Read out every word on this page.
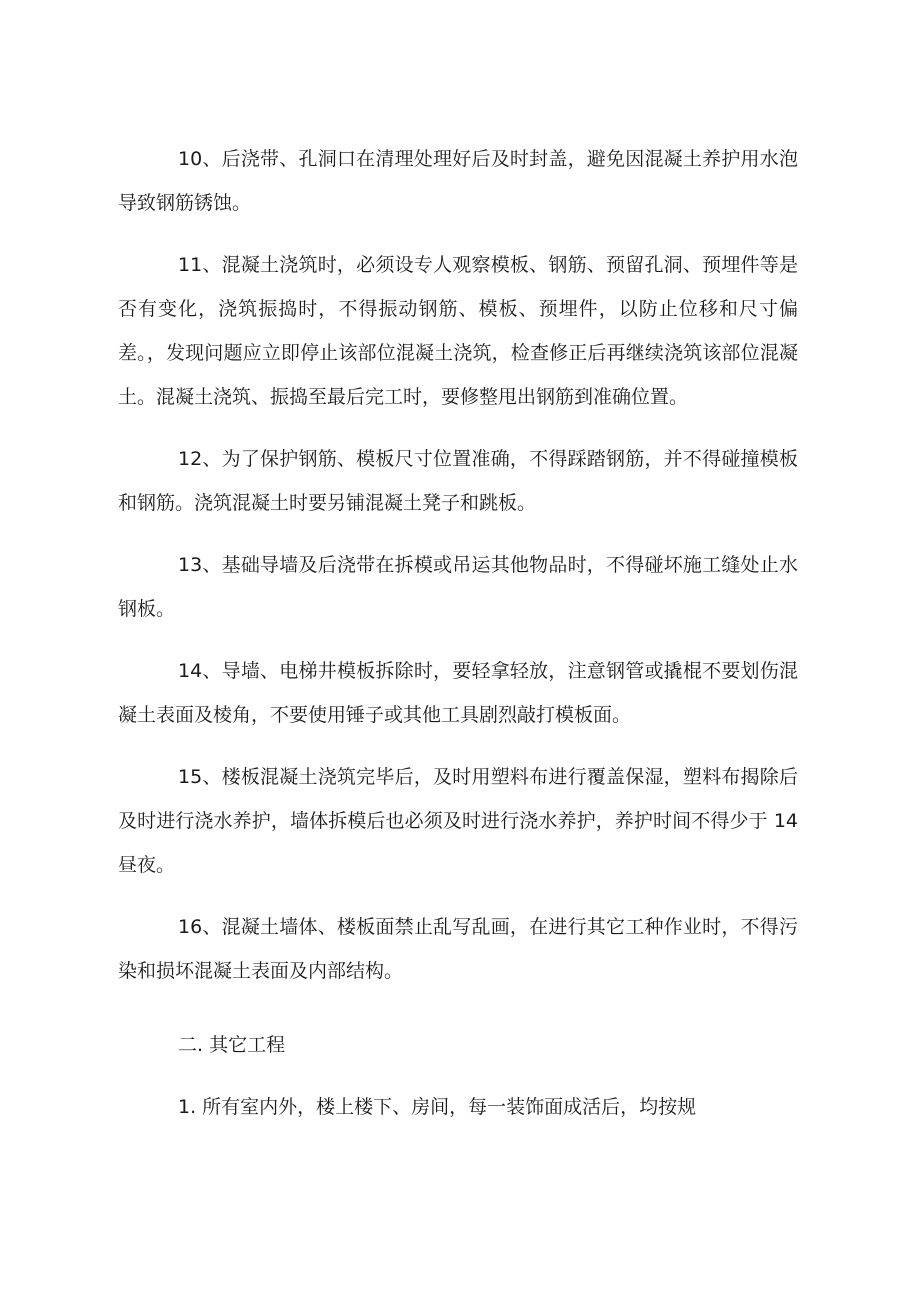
10、后浇带、孔洞口在清理处理好后及时封盖，避免因混凝土养护用水泡导致钢筋锈蚀。

11、混凝土浇筑时，必须设专人观察模板、钢筋、预留孔洞、预埋件等是否有变化，浇筑振捣时，不得振动钢筋、模板、预埋件，以防止位移和尺寸偏差。，发现问题应立即停止该部位混凝土浇筑，检查修正后再继续浇筑该部位混凝土。混凝土浇筑、振捣至最后完工时，要修整甩出钢筋到准确位置。

12、为了保护钢筋、模板尺寸位置准确，不得踩踏钢筋，并不得碰撞模板和钢筋。浇筑混凝土时要另铺混凝土凳子和跳板。

13、基础导墙及后浇带在拆模或吊运其他物品时，不得碰坏施工缝处止水钢板。

14、导墙、电梯井模板拆除时，要轻拿轻放，注意钢管或撬棍不要划伤混凝土表面及棱角，不要使用锤子或其他工具剧烈敲打模板面。

15、楼板混凝土浇筑完毕后，及时用塑料布进行覆盖保湿，塑料布揭除后及时进行浇水养护，墙体拆模后也必须及时进行浇水养护，养护时间不得少于 14 昼夜。

16、混凝土墙体、楼板面禁止乱写乱画，在进行其它工种作业时，不得污染和损坏混凝土表面及内部结构。

二. 其它工程

1. 所有室内外，楼上楼下、房间，每一装饰面成活后，均按规
